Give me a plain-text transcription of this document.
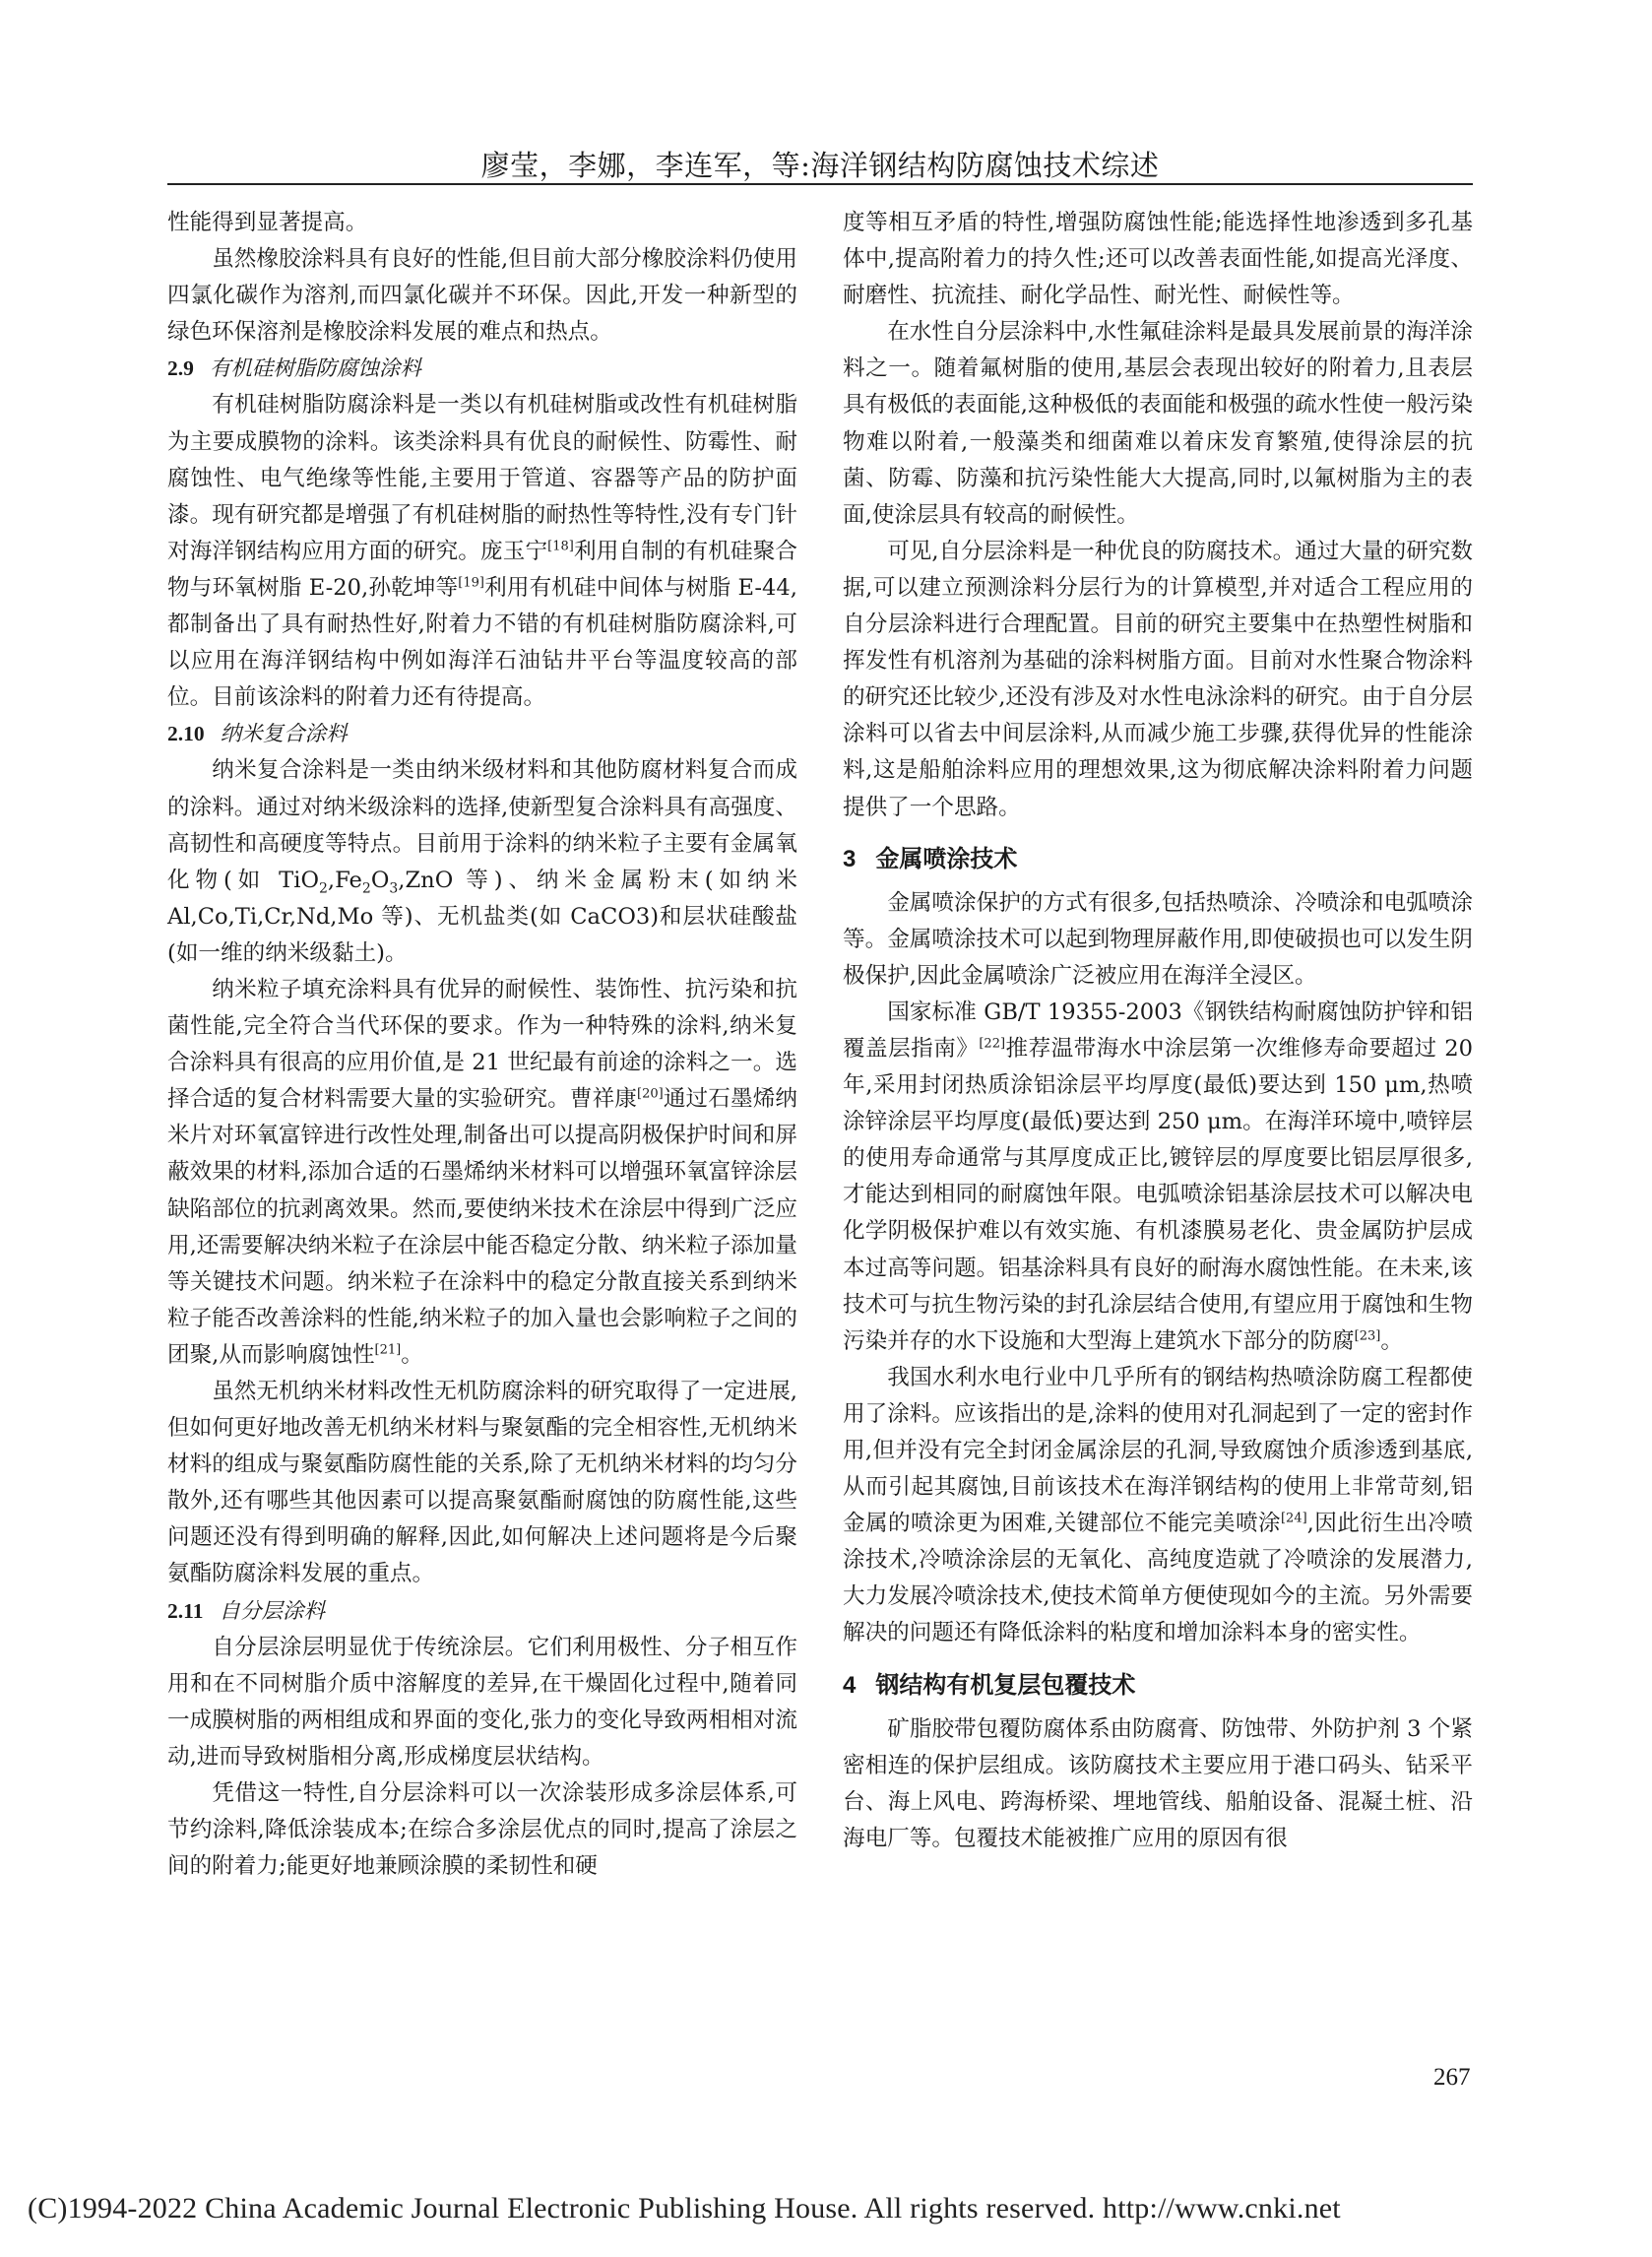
廖莹，李娜，李连军，等:海洋钢结构防腐蚀技术综述

性能得到显著提高。

虽然橡胶涂料具有良好的性能,但目前大部分橡胶涂料仍使用四氯化碳作为溶剂,而四氯化碳并不环保。因此,开发一种新型的绿色环保溶剂是橡胶涂料发展的难点和热点。

2.9 有机硅树脂防腐蚀涂料

有机硅树脂防腐涂料是一类以有机硅树脂或改性有机硅树脂为主要成膜物的涂料。该类涂料具有优良的耐候性、防霉性、耐腐蚀性、电气绝缘等性能,主要用于管道、容器等产品的防护面漆。现有研究都是增强了有机硅树脂的耐热性等特性,没有专门针对海洋钢结构应用方面的研究。庞玉宁[18]利用自制的有机硅聚合物与环氧树脂 E-20,孙乾坤等[19]利用有机硅中间体与树脂 E-44,都制备出了具有耐热性好,附着力不错的有机硅树脂防腐涂料,可以应用在海洋钢结构中例如海洋石油钻井平台等温度较高的部位。目前该涂料的附着力还有待提高。

2.10 纳米复合涂料

纳米复合涂料是一类由纳米级材料和其他防腐材料复合而成的涂料。通过对纳米级涂料的选择,使新型复合涂料具有高强度、高韧性和高硬度等特点。目前用于涂料的纳米粒子主要有金属氧化物(如 $TiO_2,Fe_2O_3,ZnO$ 等)、纳米金属粉末(如纳米 Al,Co,Ti,Cr,Nd,Mo 等)、无机盐类(如 CaCO3)和层状硅酸盐(如一维的纳米级黏土)。

纳米粒子填充涂料具有优异的耐候性、装饰性、抗污染和抗菌性能,完全符合当代环保的要求。作为一种特殊的涂料,纳米复合涂料具有很高的应用价值,是 21 世纪最有前途的涂料之一。选择合适的复合材料需要大量的实验研究。曹祥康[20]通过石墨烯纳米片对环氧富锌进行改性处理,制备出可以提高阴极保护时间和屏蔽效果的材料,添加合适的石墨烯纳米材料可以增强环氧富锌涂层缺陷部位的抗剥离效果。然而,要使纳米技术在涂层中得到广泛应用,还需要解决纳米粒子在涂层中能否稳定分散、纳米粒子添加量等关键技术问题。纳米粒子在涂料中的稳定分散直接关系到纳米粒子能否改善涂料的性能,纳米粒子的加入量也会影响粒子之间的团聚,从而影响腐蚀性[21]。

虽然无机纳米材料改性无机防腐涂料的研究取得了一定进展,但如何更好地改善无机纳米材料与聚氨酯的完全相容性,无机纳米材料的组成与聚氨酯防腐性能的关系,除了无机纳米材料的均匀分散外,还有哪些其他因素可以提高聚氨酯耐腐蚀的防腐性能,这些问题还没有得到明确的解释,因此,如何解决上述问题将是今后聚氨酯防腐涂料发展的重点。

2.11 自分层涂料

自分层涂层明显优于传统涂层。它们利用极性、分子相互作用和在不同树脂介质中溶解度的差异,在干燥固化过程中,随着同一成膜树脂的两相组成和界面的变化,张力的变化导致两相相对流动,进而导致树脂相分离,形成梯度层状结构。

凭借这一特性,自分层涂料可以一次涂装形成多涂层体系,可节约涂料,降低涂装成本;在综合多涂层优点的同时,提高了涂层之间的附着力;能更好地兼顾涂膜的柔韧性和硬

度等相互矛盾的特性,增强防腐蚀性能;能选择性地渗透到多孔基体中,提高附着力的持久性;还可以改善表面性能,如提高光泽度、耐磨性、抗流挂、耐化学品性、耐光性、耐候性等。

在水性自分层涂料中,水性氟硅涂料是最具发展前景的海洋涂料之一。随着氟树脂的使用,基层会表现出较好的附着力,且表层具有极低的表面能,这种极低的表面能和极强的疏水性使一般污染物难以附着,一般藻类和细菌难以着床发育繁殖,使得涂层的抗菌、防霉、防藻和抗污染性能大大提高,同时,以氟树脂为主的表面,使涂层具有较高的耐候性。

可见,自分层涂料是一种优良的防腐技术。通过大量的研究数据,可以建立预测涂料分层行为的计算模型,并对适合工程应用的自分层涂料进行合理配置。目前的研究主要集中在热塑性树脂和挥发性有机溶剂为基础的涂料树脂方面。目前对水性聚合物涂料的研究还比较少,还没有涉及对水性电泳涂料的研究。由于自分层涂料可以省去中间层涂料,从而减少施工步骤,获得优异的性能涂料,这是船舶涂料应用的理想效果,这为彻底解决涂料附着力问题提供了一个思路。

3 金属喷涂技术

金属喷涂保护的方式有很多,包括热喷涂、冷喷涂和电弧喷涂等。金属喷涂技术可以起到物理屏蔽作用,即使破损也可以发生阴极保护,因此金属喷涂广泛被应用在海洋全浸区。

国家标准 GB/T 19355-2003《钢铁结构耐腐蚀防护锌和铝覆盖层指南》[22]推荐温带海水中涂层第一次维修寿命要超过 20 年,采用封闭热质涂铝涂层平均厚度(最低)要达到 150 μm,热喷涂锌涂层平均厚度(最低)要达到 250 μm。在海洋环境中,喷锌层的使用寿命通常与其厚度成正比,镀锌层的厚度要比铝层厚很多,才能达到相同的耐腐蚀年限。电弧喷涂铝基涂层技术可以解决电化学阴极保护难以有效实施、有机漆膜易老化、贵金属防护层成本过高等问题。铝基涂料具有良好的耐海水腐蚀性能。在未来,该技术可与抗生物污染的封孔涂层结合使用,有望应用于腐蚀和生物污染并存的水下设施和大型海上建筑水下部分的防腐[23]。

我国水利水电行业中几乎所有的钢结构热喷涂防腐工程都使用了涂料。应该指出的是,涂料的使用对孔洞起到了一定的密封作用,但并没有完全封闭金属涂层的孔洞,导致腐蚀介质渗透到基底,从而引起其腐蚀,目前该技术在海洋钢结构的使用上非常苛刻,铝金属的喷涂更为困难,关键部位不能完美喷涂[24],因此衍生出冷喷涂技术,冷喷涂涂层的无氧化、高纯度造就了冷喷涂的发展潜力,大力发展冷喷涂技术,使技术简单方便使现如今的主流。另外需要解决的问题还有降低涂料的粘度和增加涂料本身的密实性。

4 钢结构有机复层包覆技术

矿脂胶带包覆防腐体系由防腐膏、防蚀带、外防护剂 3 个紧密相连的保护层组成。该防腐技术主要应用于港口码头、钻采平台、海上风电、跨海桥梁、埋地管线、船舶设备、混凝土桩、沿海电厂等。包覆技术能被推广应用的原因有很

267
(C)1994-2022 China Academic Journal Electronic Publishing House. All rights reserved. http://www.cnki.net
